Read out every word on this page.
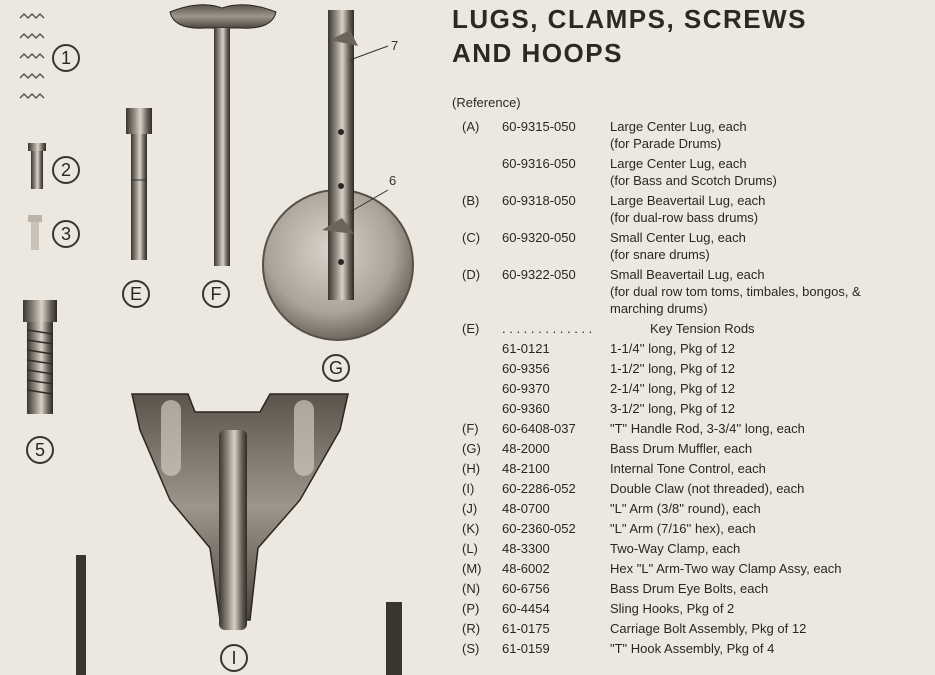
1
2
3
5
E	F
G
I
7
6
LUGS, CLAMPS, SCREWS
AND HOOPS
(Reference)
(A)	60-9315-050	Large Center Lug, each
(for Parade Drums)
60-9316-050	Large Center Lug, each
(for Bass and Scotch Drums)
(B)	60-9318-050	Large Beavertail Lug, each
(for dual-row bass drums)
(C)	60-9320-050	Small Center Lug, each
(for snare drums)
(D)	60-9322-050	Small Beavertail Lug, each
(for dual row tom toms, timbales, bongos, &
marching drums)
(E)	. . . . . . . . . . . . .	Key Tension Rods
61-0121	1-1/4'' long, Pkg of 12
60-9356	1-1/2'' long, Pkg of 12
60-9370	2-1/4'' long, Pkg of 12
60-9360	3-1/2'' long, Pkg of 12
(F)	60-6408-037	"T" Handle Rod, 3-3/4'' long, each
(G)	48-2000	Bass Drum Muffler, each
(H)	48-2100	Internal Tone Control, each
(I)	60-2286-052	Double Claw (not threaded), each
(J)	48-0700	"L" Arm (3/8'' round), each
(K)	60-2360-052	"L" Arm (7/16'' hex), each
(L)	48-3300	Two-Way Clamp, each
(M)	48-6002	Hex "L" Arm-Two way Clamp Assy, each
(N)	60-6756	Bass Drum Eye Bolts, each
(P)	60-4454	Sling Hooks, Pkg of 2
(R)	61-0175	Carriage Bolt Assembly, Pkg of 12
(S)	61-0159	"T" Hook Assembly, Pkg of 4
